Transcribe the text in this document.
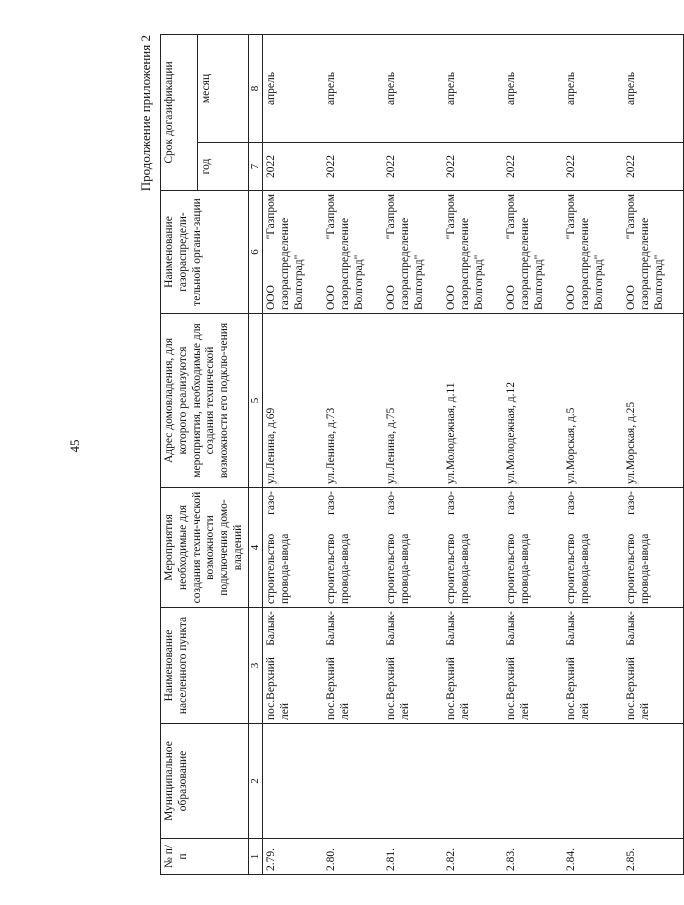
45
Продолжение приложения 2
№ п/п	Муниципальное образование	Наименование населенного пункта	Мероприятия необходимые для создания техни-ческой возможности подключения домо-владений	Адрес домовладения, для которого реализуются мероприятия, необходимые для создания технической возможности его подклю-чения	Наименование газораспредели-тельной органи-зации	Срок догазификации	
						год	месяц
1	2	3	4	5	6	7	8
2.79.		пос.Верхний Балык-лей	строительство газо-провода-ввода	ул.Ленина, д.69	ООО "Газпром газораспределение Волгоград"	2022	апрель
2.80.		пос.Верхний Балык-лей	строительство газо-провода-ввода	ул.Ленина, д.73	ООО "Газпром газораспределение Волгоград"	2022	апрель
2.81.		пос.Верхний Балык-лей	строительство газо-провода-ввода	ул.Ленина, д.75	ООО "Газпром газораспределение Волгоград"	2022	апрель
2.82.		пос.Верхний Балык-лей	строительство газо-провода-ввода	ул.Молодежная, д.11	ООО "Газпром газораспределение Волгоград"	2022	апрель
2.83.		пос.Верхний Балык-лей	строительство газо-провода-ввода	ул.Молодежная, д.12	ООО "Газпром газораспределение Волгоград"	2022	апрель
2.84.		пос.Верхний Балык-лей	строительство газо-провода-ввода	ул.Морская, д.5	ООО "Газпром газораспределение Волгоград"	2022	апрель
2.85.		пос.Верхний Балык-лей	строительство газо-провода-ввода	ул.Морская, д.25	ООО "Газпром газораспределение Волгоград"	2022	апрель
